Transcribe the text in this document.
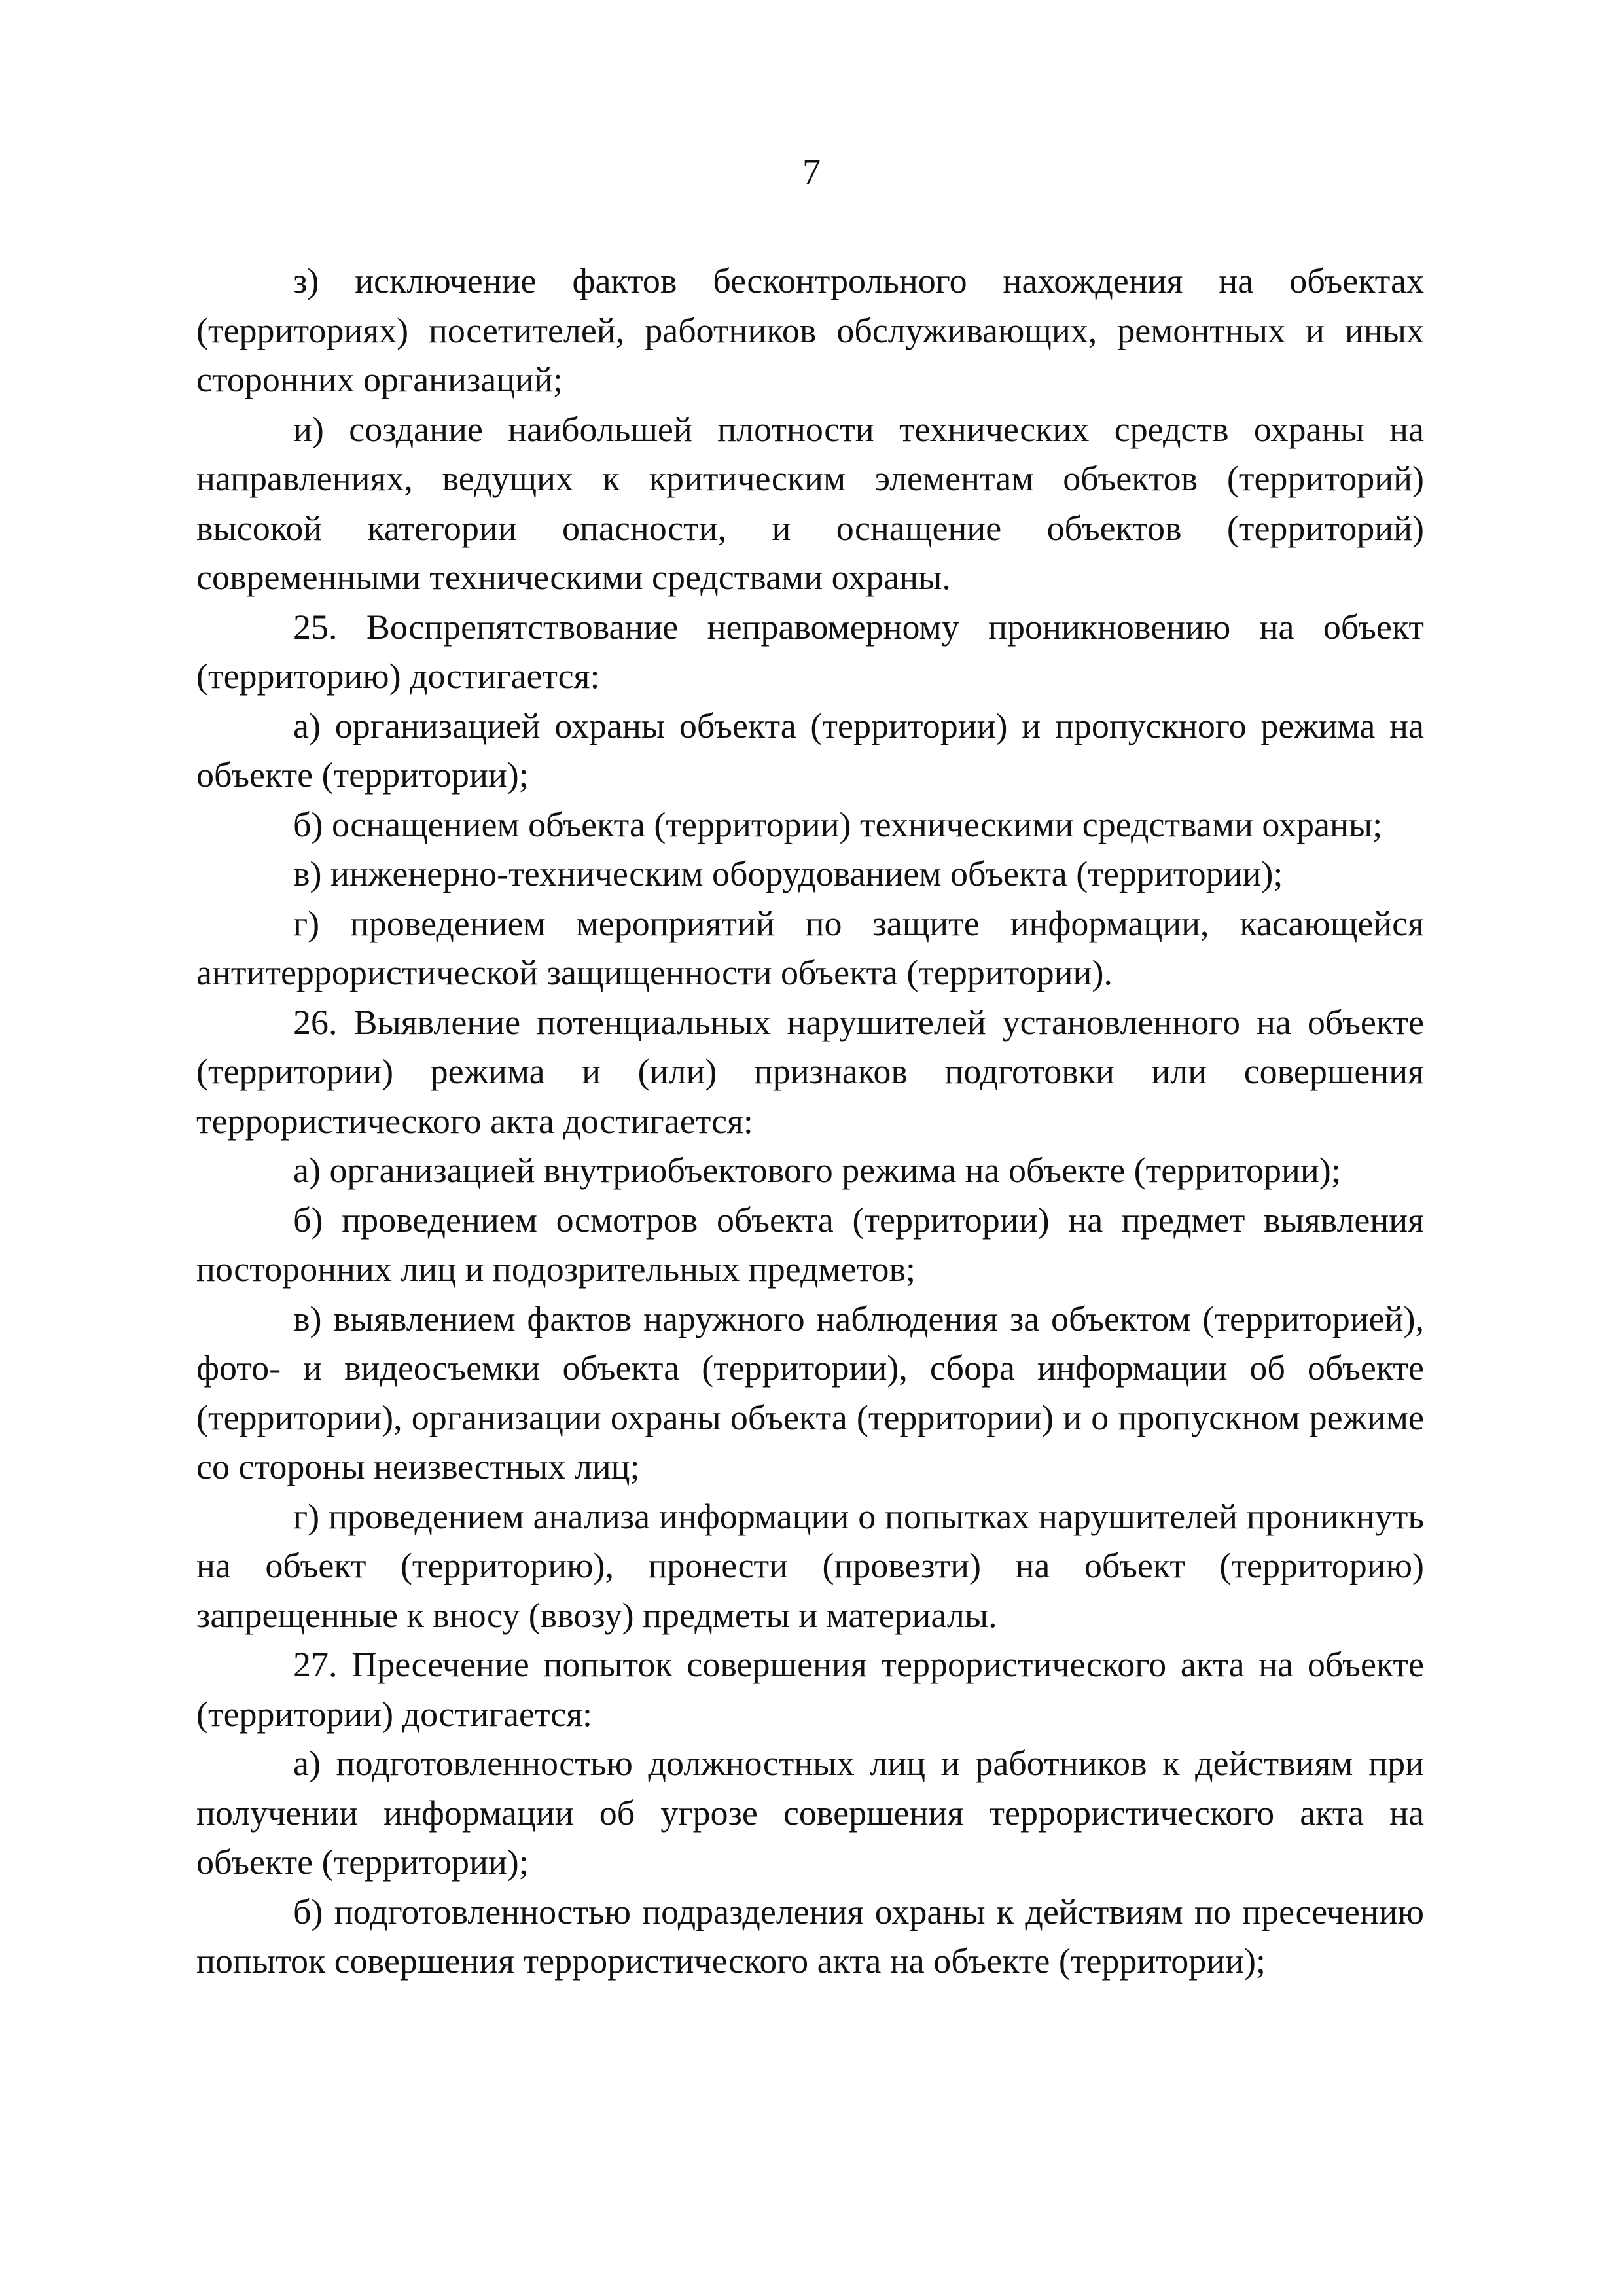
7

з) исключение фактов бесконтрольного нахождения на объектах (территориях) посетителей, работников обслуживающих, ремонтных и иных сторонних организаций;

и) создание наибольшей плотности технических средств охраны на направлениях, ведущих к критическим элементам объектов (территорий) высокой категории опасности, и оснащение объектов (территорий) современными техническими средствами охраны.

25. Воспрепятствование неправомерному проникновению на объект (территорию) достигается:

а) организацией охраны объекта (территории) и пропускного режима на объекте (территории);

б) оснащением объекта (территории) техническими средствами охраны;

в) инженерно-техническим оборудованием объекта (территории);

г) проведением мероприятий по защите информации, касающейся антитеррористической защищенности объекта (территории).

26. Выявление потенциальных нарушителей установленного на объекте (территории) режима и (или) признаков подготовки или совершения террористического акта достигается:

а) организацией внутриобъектового режима на объекте (территории);

б) проведением осмотров объекта (территории) на предмет выявления посторонних лиц и подозрительных предметов;

в) выявлением фактов наружного наблюдения за объектом (территорией), фото- и видеосъемки объекта (территории), сбора информации об объекте (территории), организации охраны объекта (территории) и о пропускном режиме со стороны неизвестных лиц;

г) проведением анализа информации о попытках нарушителей проникнуть на объект (территорию), пронести (провезти) на объект (территорию) запрещенные к вносу (ввозу) предметы и материалы.

27. Пресечение попыток совершения террористического акта на объекте (территории) достигается:

а) подготовленностью должностных лиц и работников к действиям при получении информации об угрозе совершения террористического акта на объекте (территории);

б) подготовленностью подразделения охраны к действиям по пресечению попыток совершения террористического акта на объекте (территории);
